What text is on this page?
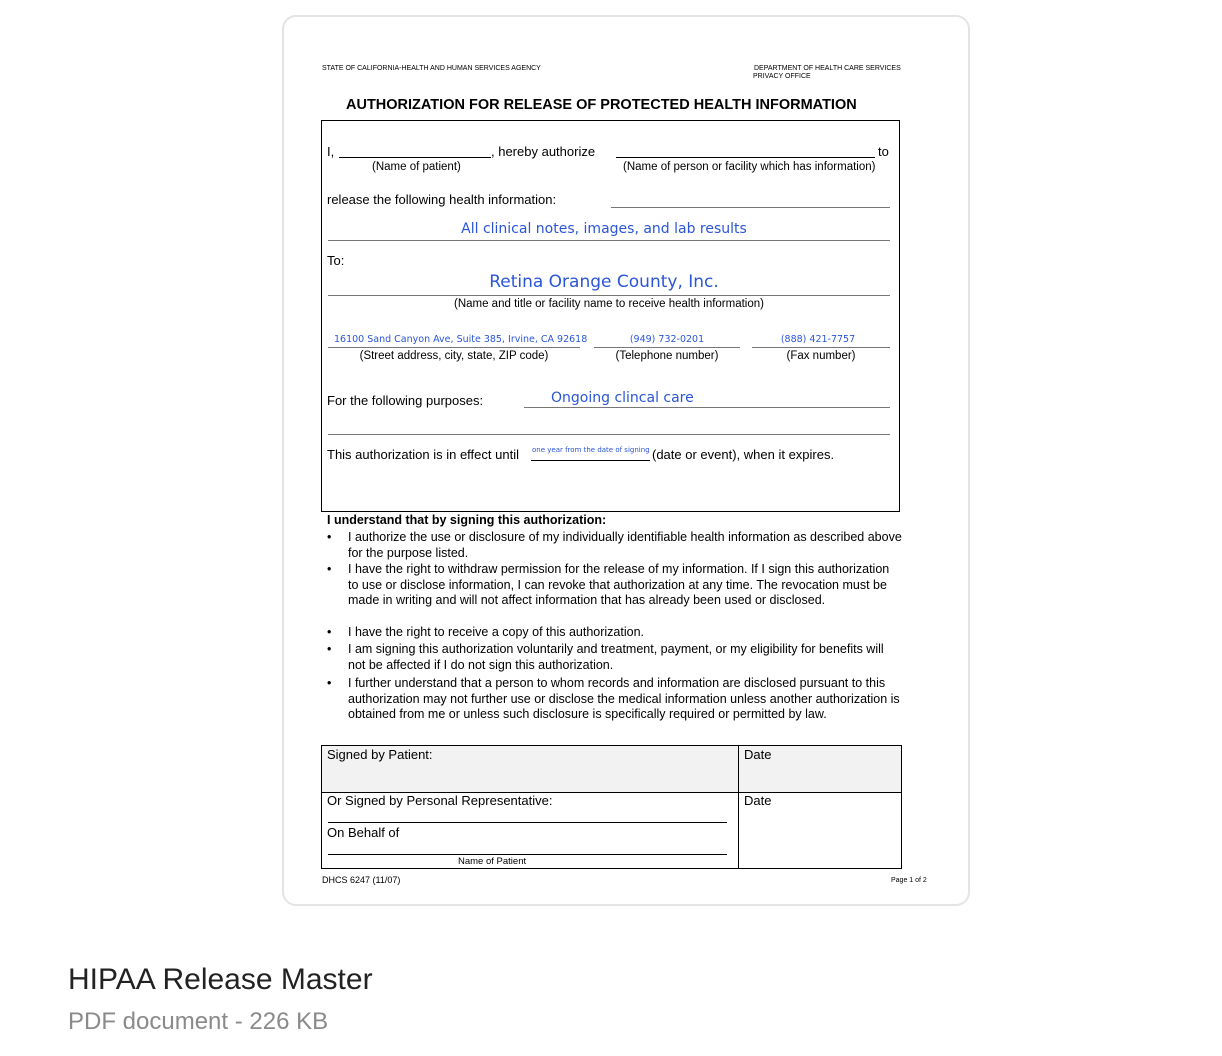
STATE OF CALIFORNIA-HEALTH AND HUMAN SERVICES AGENCY	DEPARTMENT OF HEALTH CARE SERVICES
PRIVACY OFFICE
AUTHORIZATION FOR RELEASE OF PROTECTED HEALTH INFORMATION
I,	, hereby authorize	to
(Name of patient)	(Name of person or facility which has information)
release the following health information:
All clinical notes, images, and lab results
To:
Retina Orange County, Inc.
(Name and title or facility name to receive health information)
16100 Sand Canyon Ave, Suite 385, Irvine, CA 92618	(949) 732-0201	(888) 421-7757
(Street address, city, state, ZIP code)	(Telephone number)	(Fax number)
For the following purposes:	Ongoing clincal care
This authorization is in effect until one year from the date of signing (date or event), when it expires.
I understand that by signing this authorization:
• I authorize the use or disclosure of my individually identifiable health information as described above for the purpose listed.
• I have the right to withdraw permission for the release of my information. If I sign this authorization to use or disclose information, I can revoke that authorization at any time. The revocation must be made in writing and will not affect information that has already been used or disclosed.
• I have the right to receive a copy of this authorization.
• I am signing this authorization voluntarily and treatment, payment, or my eligibility for benefits will not be affected if I do not sign this authorization.
• I further understand that a person to whom records and information are disclosed pursuant to this authorization may not further use or disclose the medical information unless another authorization is obtained from me or unless such disclosure is specifically required or permitted by law.
Signed by Patient:	Date
Or Signed by Personal Representative:	Date
On Behalf of
Name of Patient
DHCS 6247 (11/07)	Page 1 of 2
HIPAA Release Master
PDF document - 226 KB
